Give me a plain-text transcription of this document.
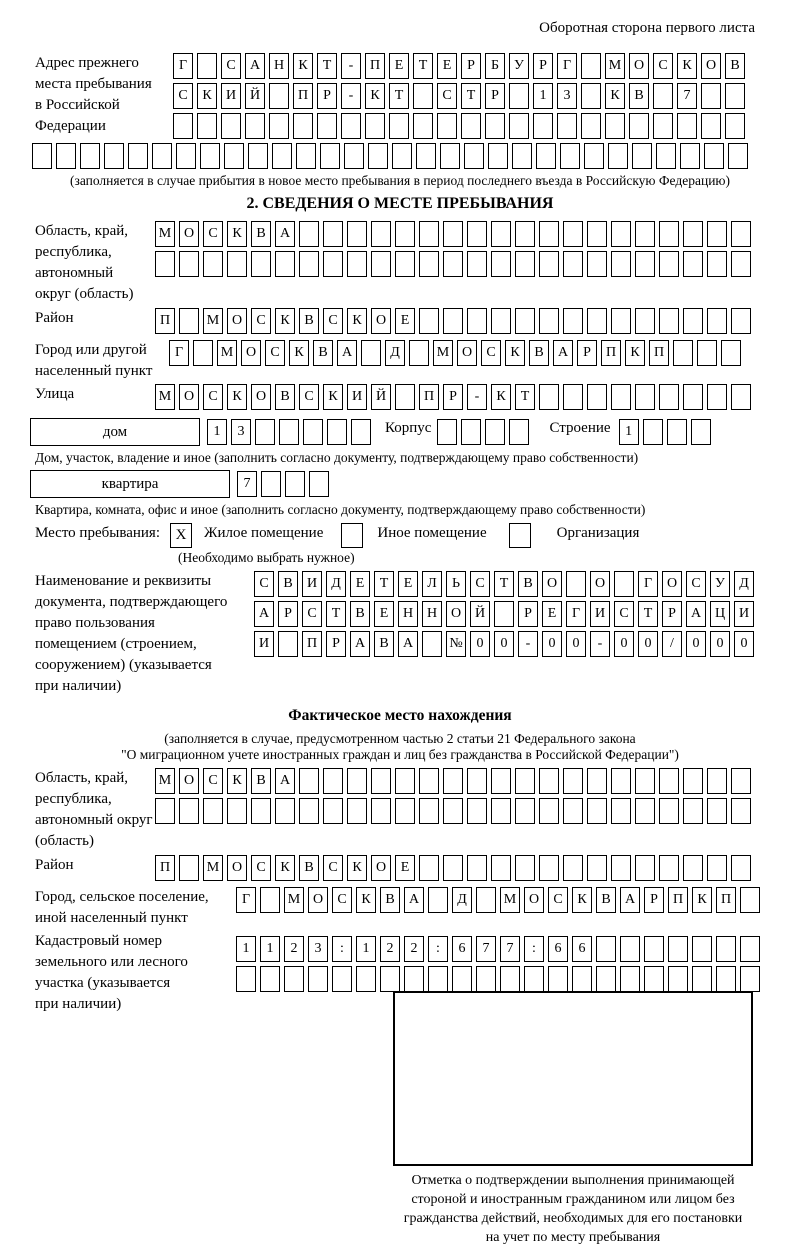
Оборотная сторона первого листа
Адрес прежнего
места пребывания
в Российской
Федерации
Г	С	А Н	К	Т	-	П	Е	Т	Е	Р	Б	У	Р	Г	М О	С	К	О	В
С	К	И Й	П	Р	-	К	Т	С	Т	Р	1	3	К	В	7
(заполняется в случае прибытия в новое место пребывания в период последнего въезда в Российскую Федерацию)
2. СВЕДЕНИЯ О МЕСТЕ ПРЕБЫВАНИЯ
Область, край,
республика,
автономный
округ (область)
М О	С	К	В	А
Район	П	М О	С	К	В	С	К	О	Е
Город или другой
населенный пункт
Г	М О	С	К	В	А	Д	М О	С	К	В	А	Р	П	К	П
Улица	М О	С	К	О	В	С	К	И Й	П	Р	-	К	Т
дом	1	3	Корпус	Строение	1
Дом, участок, владение и иное (заполнить согласно документу, подтверждающему право собственности)
квартира	7
Квартира, комната, офис и иное (заполнить согласно документу, подтверждающему право собственности)
Место пребывания:	X	Жилое помещение	Иное помещение	Организация
(Необходимо выбрать нужное)
Наименование и реквизиты
документа, подтверждающего
право пользования
помещением (строением,
сооружением) (указывается
при наличии)
С	В	И	Д	Е	Т	Е	Л	Ь	С	Т	В	О	О	Г	О	С	У	Д
А	Р	С	Т	В	Е	Н Н О Й	Р	Е	Г	И	С	Т	Р	А Ц И
И	П	Р	А	В	А	№ 0	0	-	0	0	-	0	0	/	0	0	0
Фактическое место нахождения
(заполняется в случае, предусмотренном частью 2 статьи 21 Федерального закона
"О миграционном учете иностранных граждан и лиц без гражданства в Российской Федерации")
Область, край,
республика,
автономный округ
(область)
М О	С	К	В	А
Район	П	М О	С	К	В	С	К	О	Е
Город, сельское поселение,
иной населенный пункт
Г	М О	С	К	В	А	Д	М О	С	К	В	А	Р	П	К	П
Кадастровый номер
земельного или лесного
участка (указывается
при наличии)
1	1	2	3	:	1	2	2	:	6	7	7	:	6	6
Отметка о подтверждении выполнения принимающей
стороной и иностранным гражданином или лицом без
гражданства действий, необходимых для его постановки
на учет по месту пребывания
